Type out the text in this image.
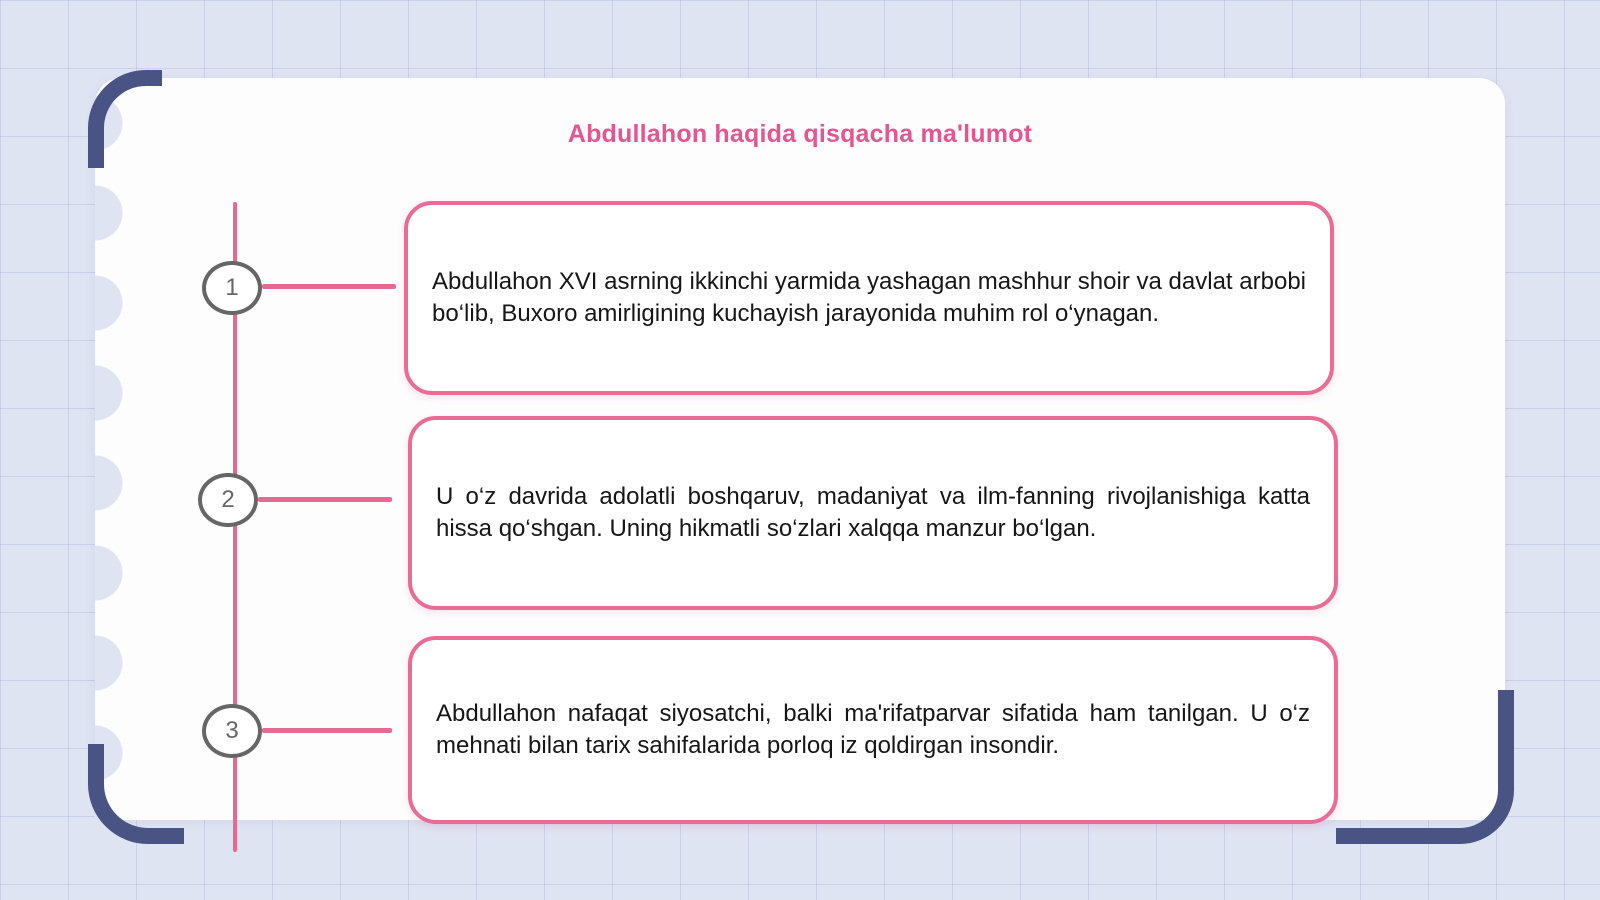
Abdullahon haqida qisqacha ma'lumot
1	Abdullahon XVI asrning ikkinchi yarmida yashagan mashhur shoir va davlat arbobi bo‘lib, Buxoro amirligining kuchayish jarayonida muhim rol o‘ynagan.

2	U o‘z davrida adolatli boshqaruv, madaniyat va ilm-fanning rivojlanishiga katta hissa qo‘shgan. Uning hikmatli so‘zlari xalqqa manzur bo‘lgan.

3

Abdullahon nafaqat siyosatchi, balki ma'rifatparvar sifatida ham tanilgan. U o‘z mehnati bilan tarix sahifalarida porloq iz qoldirgan insondir.
